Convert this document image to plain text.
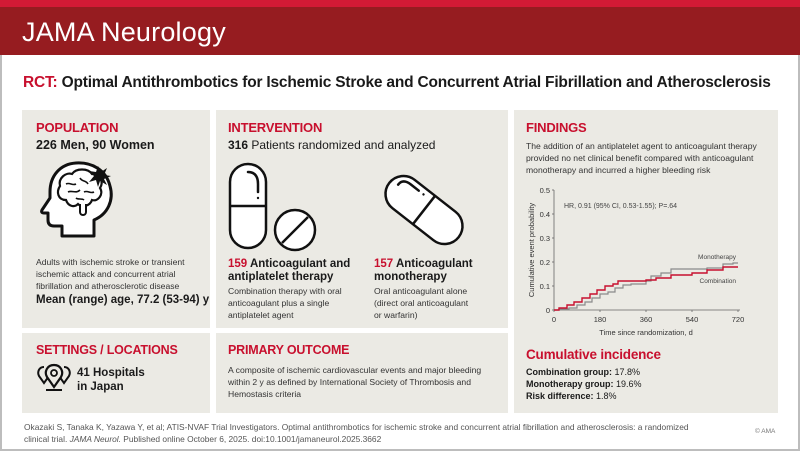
JAMA Neurology
RCT: Optimal Antithrombotics for Ischemic Stroke and Concurrent Atrial Fibrillation and Atherosclerosis
POPULATION
226 Men, 90 Women
Adults with ischemic stroke or transient
ischemic attack and concurrent atrial
fibrillation and atherosclerotic disease
Mean (range) age, 77.2 (53-94) y
INTERVENTION
316 Patients randomized and analyzed
159 Anticoagulant and
antiplatelet therapy
Combination therapy with oral
anticoagulant plus a single
antiplatelet agent
157 Anticoagulant
monotherapy
Oral anticoagulant alone
(direct oral anticoagulant
or warfarin)
SETTINGS / LOCATIONS
41 Hospitals
in Japan
PRIMARY OUTCOME
A composite of ischemic cardiovascular events and major bleeding
within 2 y as defined by International Society of Thrombosis and
Hemostasis criteria
FINDINGS
The addition of an antiplatelet agent to anticoagulant therapy
provided no net clinical benefit compared with anticoagulant
monotherapy and incurred a higher bleeding risk
Cumulative event probability
0
0.1
0.2
0.3
0.4
0.5
0	180	360	540	720
Time since randomization, d
HR, 0.91 (95% CI, 0.53-1.55); P=.64
Monotherapy
Combination
Cumulative incidence
Combination group: 17.8%
Monotherapy group: 19.6%
Risk difference: 1.8%
Okazaki S, Tanaka K, Yazawa Y, et al; ATIS-NVAF Trial Investigators. Optimal antithrombotics for ischemic stroke and concurrent atrial fibrillation and atherosclerosis: a randomized
clinical trial. JAMA Neurol. Published online October 6, 2025. doi:10.1001/jamaneurol.2025.3662
© AMA
